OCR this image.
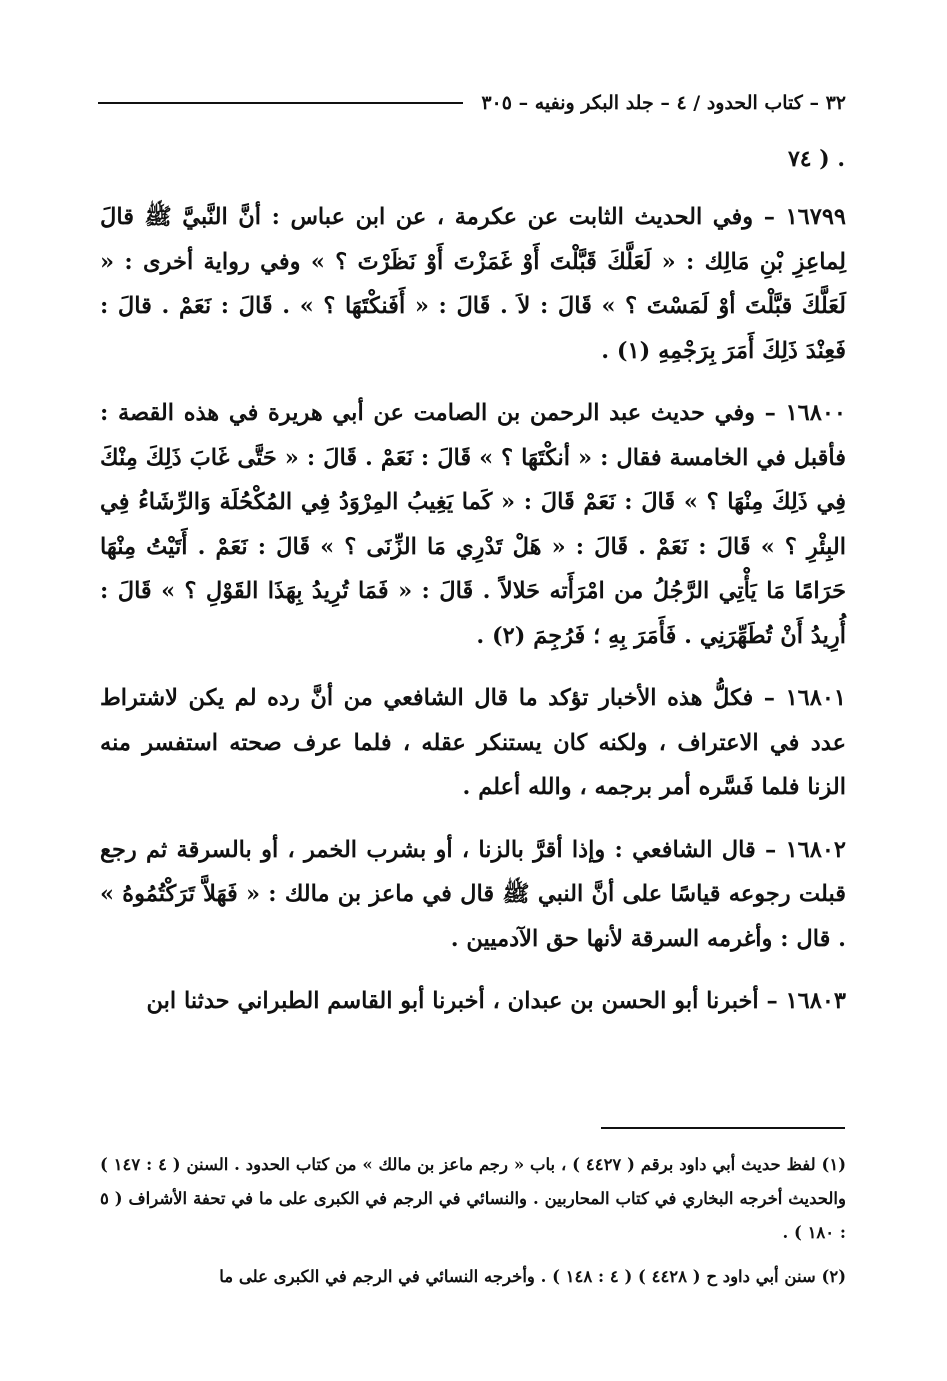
٣٢ – كتاب الحدود / ٤ – جلد البكر ونفيه – ٣٠٥
. ( ٧٤

١٦٧٩٩ – وفي الحديث الثابت عن عكرمة ، عن ابن عباس : أنَّ النَّبيَّ ﷺ قالَ لِماعِزِ بْنِ مَالِك : « لَعَلَّكَ قَبَّلْتَ أَوْ غَمَزْتَ أَوْ نَظَرْتَ ؟ » وفي رواية أخرى : « لَعَلَّكَ قبَّلْتَ أوْ لَمَسْتَ ؟ » قَالَ : لاَ . قَالَ : « أَفَنكْتَهَا ؟ » . قَالَ : نَعَمْ . قالَ : فَعِنْدَ ذَلِكَ أَمَرَ بِرَجْمِهِ (١) .

١٦٨٠٠ – وفي حديث عبد الرحمن بن الصامت عن أبي هريرة في هذه القصة : فأقبل في الخامسة فقال : « أنكْتَهَا ؟ » قَالَ : نَعَمْ . قَالَ : « حَتَّى غَابَ ذَلِكَ مِنْكَ فِي ذَلِكَ مِنْهَا ؟ » قَالَ : نَعَمْ قَالَ : « كَما يَغِيبُ المِرْوَدُ فِي المُكْحُلَة وَالرِّشَاءُ فِي البِئْرِ ؟ » قَالَ : نَعَمْ . قَالَ : « هَلْ تَدْرِي مَا الزِّنَى ؟ » قَالَ : نَعَمْ . أَتَيْتُ مِنْهَا حَرَامًا مَا يَأْتِي الرَّجُلُ من امْرَأَته حَلالاً . قَالَ : « فَمَا تُرِيدُ بِهَذَا القَوْلِ ؟ » قَالَ : أُرِيدُ أَنْ تُطَهِّرَنِي . فَأَمَرَ بِهِ ؛ فَرُجِمَ (٢) .

١٦٨٠١ – فكلُّ هذه الأخبار تؤكد ما قال الشافعي من أنَّ رده لم يكن لاشتراط عدد في الاعتراف ، ولكنه كان يستنكر عقله ، فلما عرف صحته استفسر منه الزنا فلما فَسَّره أمر برجمه ، والله أعلم .

١٦٨٠٢ – قال الشافعي : وإذا أقرَّ بالزنا ، أو بشرب الخمر ، أو بالسرقة ثم رجع قبلت رجوعه قياسًا على أنَّ النبي ﷺ قال في ماعز بن مالك : « فَهَلاَّ تَرَكْتُمُوهُ » . قال : وأغرمه السرقة لأنها حق الآدميين .

١٦٨٠٣ – أخبرنا أبو الحسن بن عبدان ، أخبرنا أبو القاسم الطبراني حدثنا ابن

(١) لفظ حديث أبي داود برقم ( ٤٤٢٧ ) ، باب « رجم ماعز بن مالك » من كتاب الحدود . السنن ( ٤ : ١٤٧ ) والحديث أخرجه البخاري في كتاب المحاربين . والنسائي في الرجم في الكبرى على ما في تحفة الأشراف ( ٥ : ١٨٠ ) .

(٢) سنن أبي داود ح ( ٤٤٢٨ ) ( ٤ : ١٤٨ ) . وأخرجه النسائي في الرجم في الكبرى على ما
